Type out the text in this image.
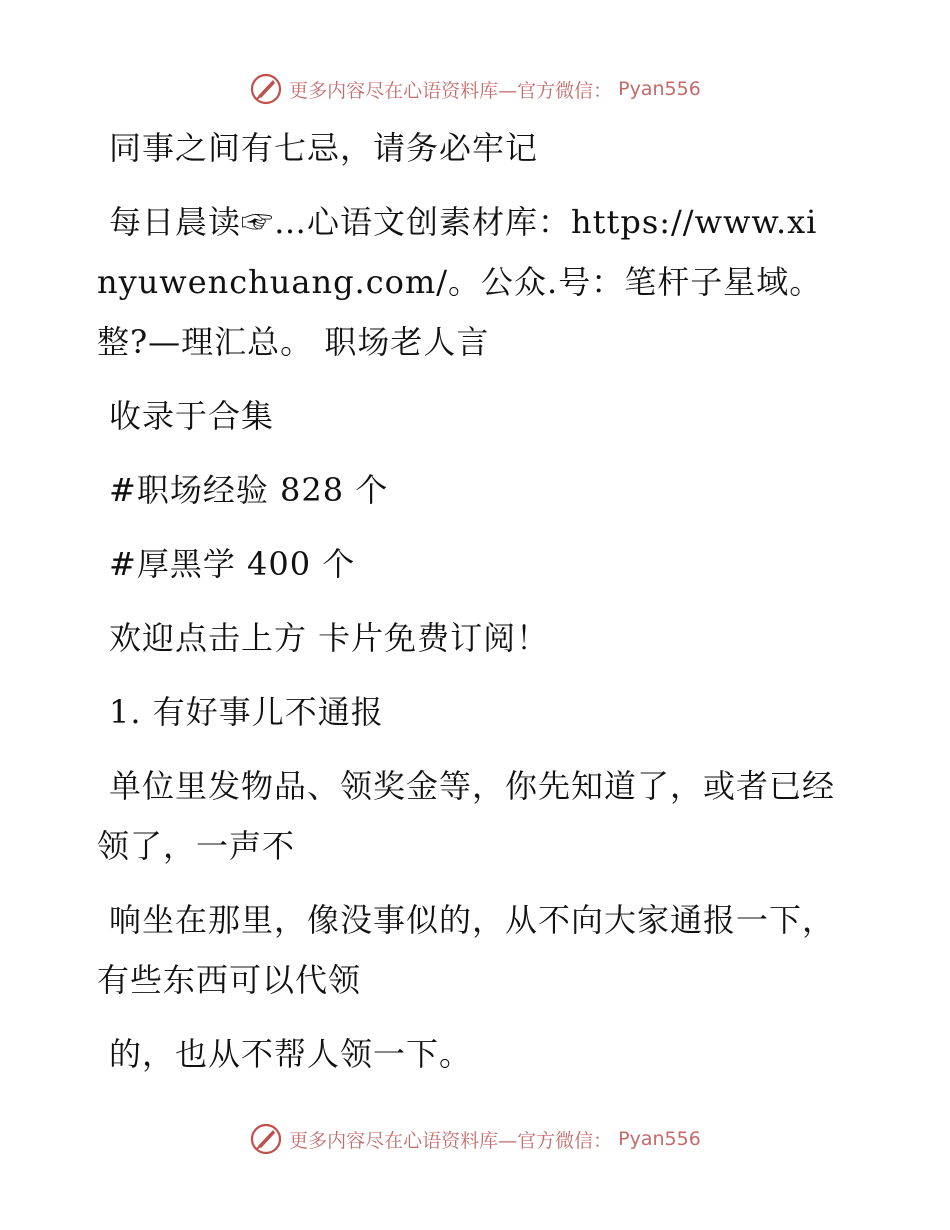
更多内容尽在心语资料库—官方微信： Pyan556

同事之间有七忌，请务必牢记

每日晨读☞…心语文创素材库：https://www.xinyuwenchuang.com/。公众.号：笔杆子星域。整?—理汇总。 职场老人言

收录于合集

#职场经验 828 个

#厚黑学 400 个

欢迎点击上方 卡片免费订阅！

1. 有好事儿不通报

单位里发物品、领奖金等，你先知道了，或者已经领了，一声不

响坐在那里，像没事似的，从不向大家通报一下，有些东西可以代领

的，也从不帮人领一下。

更多内容尽在心语资料库—官方微信： Pyan556
